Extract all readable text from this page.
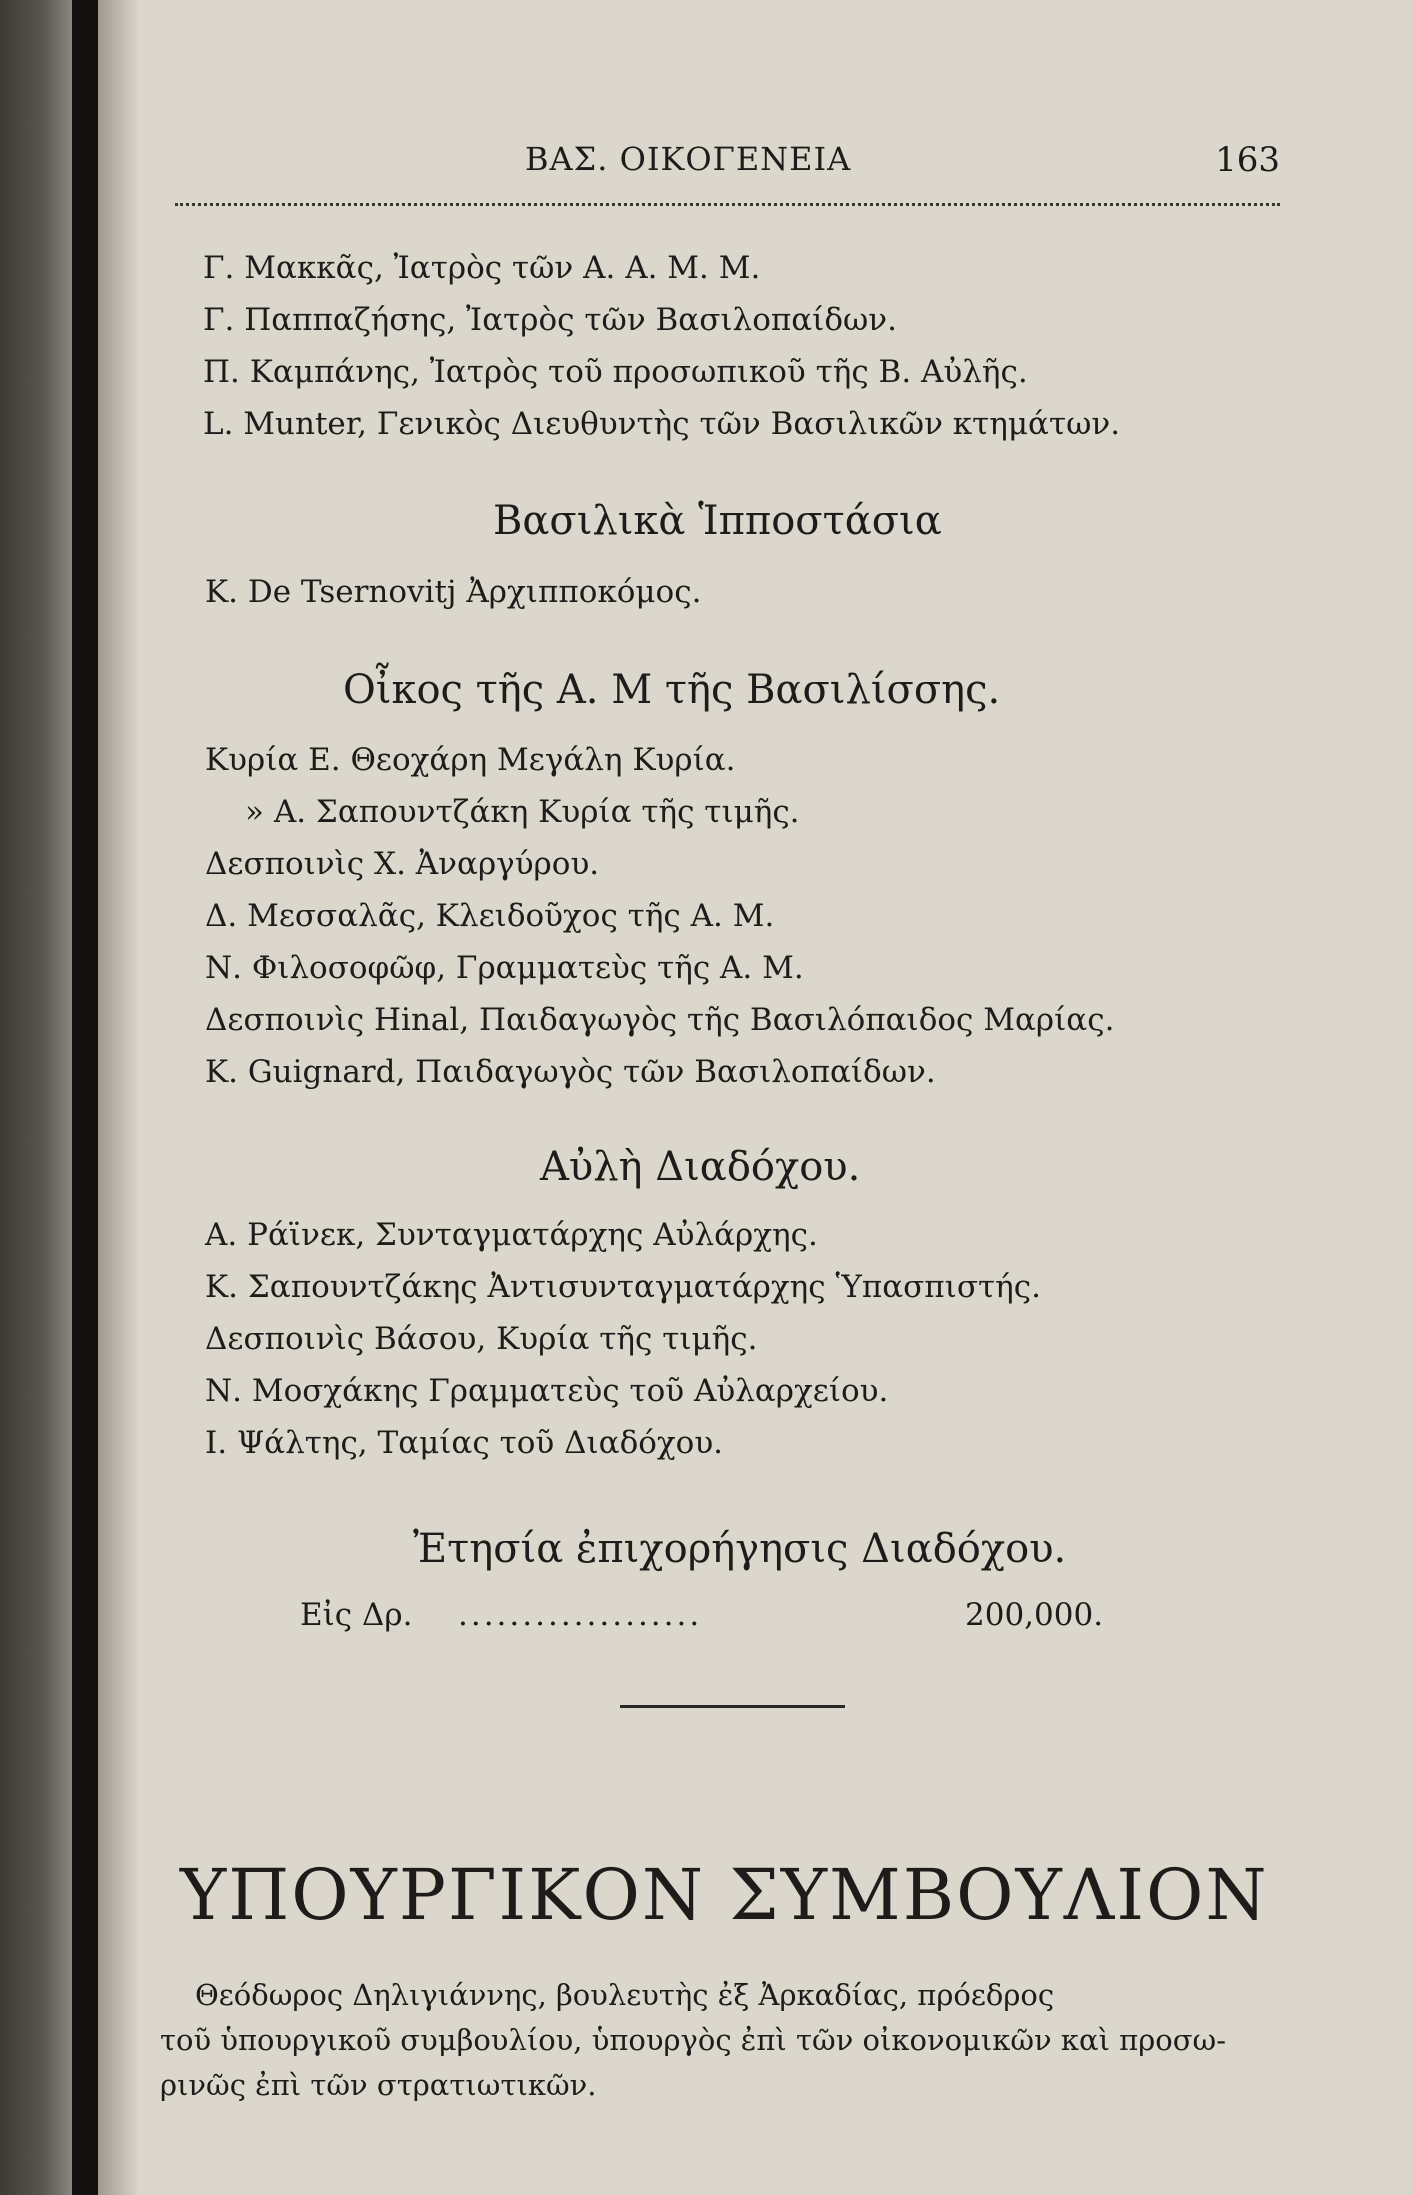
ΒΑΣ. ΟΙΚΟΓΕΝΕΙΑ	163
Γ. Μακκᾶς, Ἰατρὸς τῶν Α. Α. Μ. Μ.
Γ. Παππαζήσης, Ἰατρὸς τῶν Βασιλοπαίδων.
Π. Καμπάνης, Ἰατρὸς τοῦ προσωπικοῦ τῆς Β. Αὐλῆς.
L. Munter, Γενικὸς Διευθυντὴς τῶν Βασιλικῶν κτημάτων.
Βασιλικὰ Ἱπποστάσια
Κ. De Tsernovitj Ἀρχιπποκόμος.
Οἶκος τῆς Α. Μ τῆς Βασιλίσσης.
Κυρία Ε. Θεοχάρη Μεγάλη Κυρία.
» Α. Σαπουντζάκη Κυρία τῆς τιμῆς.
Δεσποινὶς Χ. Ἀναργύρου.
Δ. Μεσσαλᾶς, Κλειδοῦχος τῆς Α. Μ.
Ν. Φιλοσοφῶφ, Γραμματεὺς τῆς Α. Μ.
Δεσποινὶς Hinal, Παιδαγωγὸς τῆς Βασιλόπαιδος Μαρίας.
Κ. Guignard, Παιδαγωγὸς τῶν Βασιλοπαίδων.
Αὐλὴ Διαδόχου.
Α. Ράϊνεκ, Συνταγματάρχης Αὐλάρχης.
Κ. Σαπουντζάκης Ἀντισυνταγματάρχης Ὑπασπιστής.
Δεσποινὶς Βάσου, Κυρία τῆς τιμῆς.
Ν. Μοσχάκης Γραμματεὺς τοῦ Αὐλαρχείου.
Ι. Ψάλτης, Ταμίας τοῦ Διαδόχου.
Ἐτησία ἐπιχορήγησις Διαδόχου.
Εἰς Δρ. ...................	200,000.
ΥΠΟΥΡΓΙΚΟΝ ΣΥΜΒΟΥΛΙΟΝ
Θεόδωρος Δηλιγιάννης, βουλευτὴς ἐξ Ἀρκαδίας, πρόεδρος
τοῦ ὑπουργικοῦ συμβουλίου, ὑπουργὸς ἐπὶ τῶν οἰκονομικῶν καὶ προσω-
ρινῶς ἐπὶ τῶν στρατιωτικῶν.
